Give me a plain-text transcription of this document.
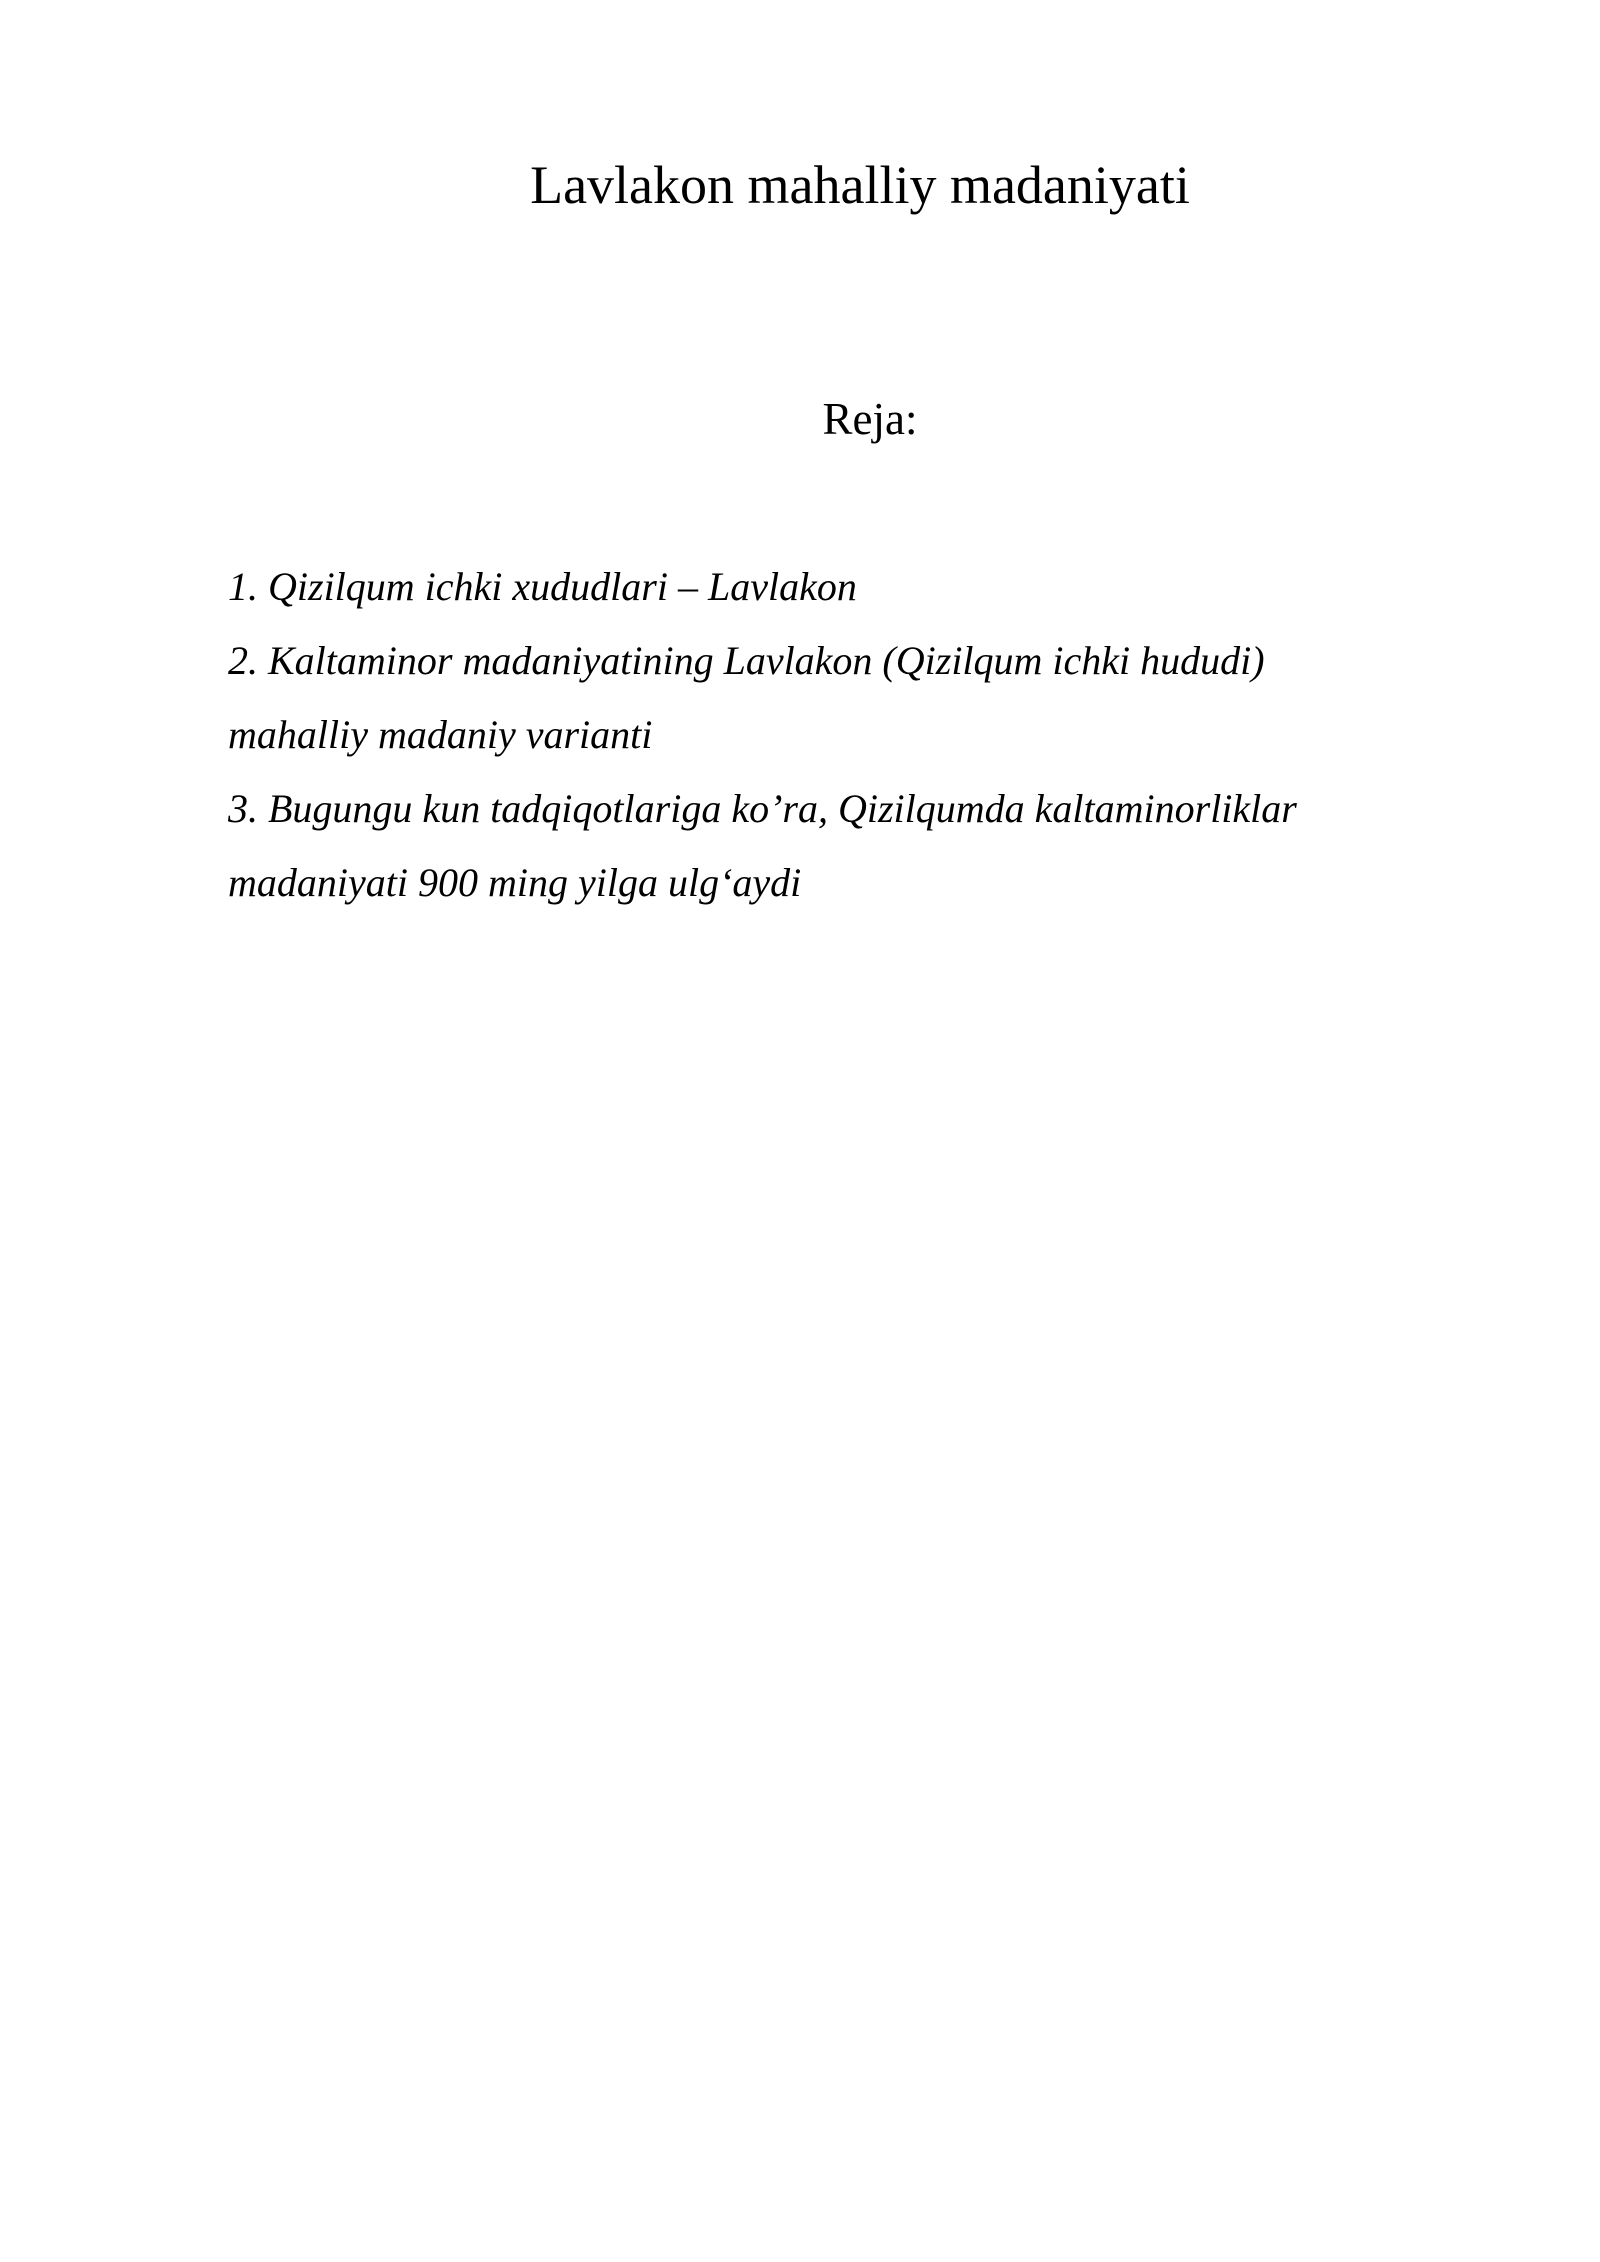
Lavlakon mahalliy madaniyati
Reja:
1. Qizilqum ichki xududlari – Lavlakon
2. Kaltaminor madaniyatining Lavlakon (Qizilqum ichki hududi)
mahalliy madaniy varianti
3. Bugungu kun tadqiqotlariga ko’ra, Qizilqumda kaltaminorliklar
madaniyati 900 ming yilga ulg‘aydi
